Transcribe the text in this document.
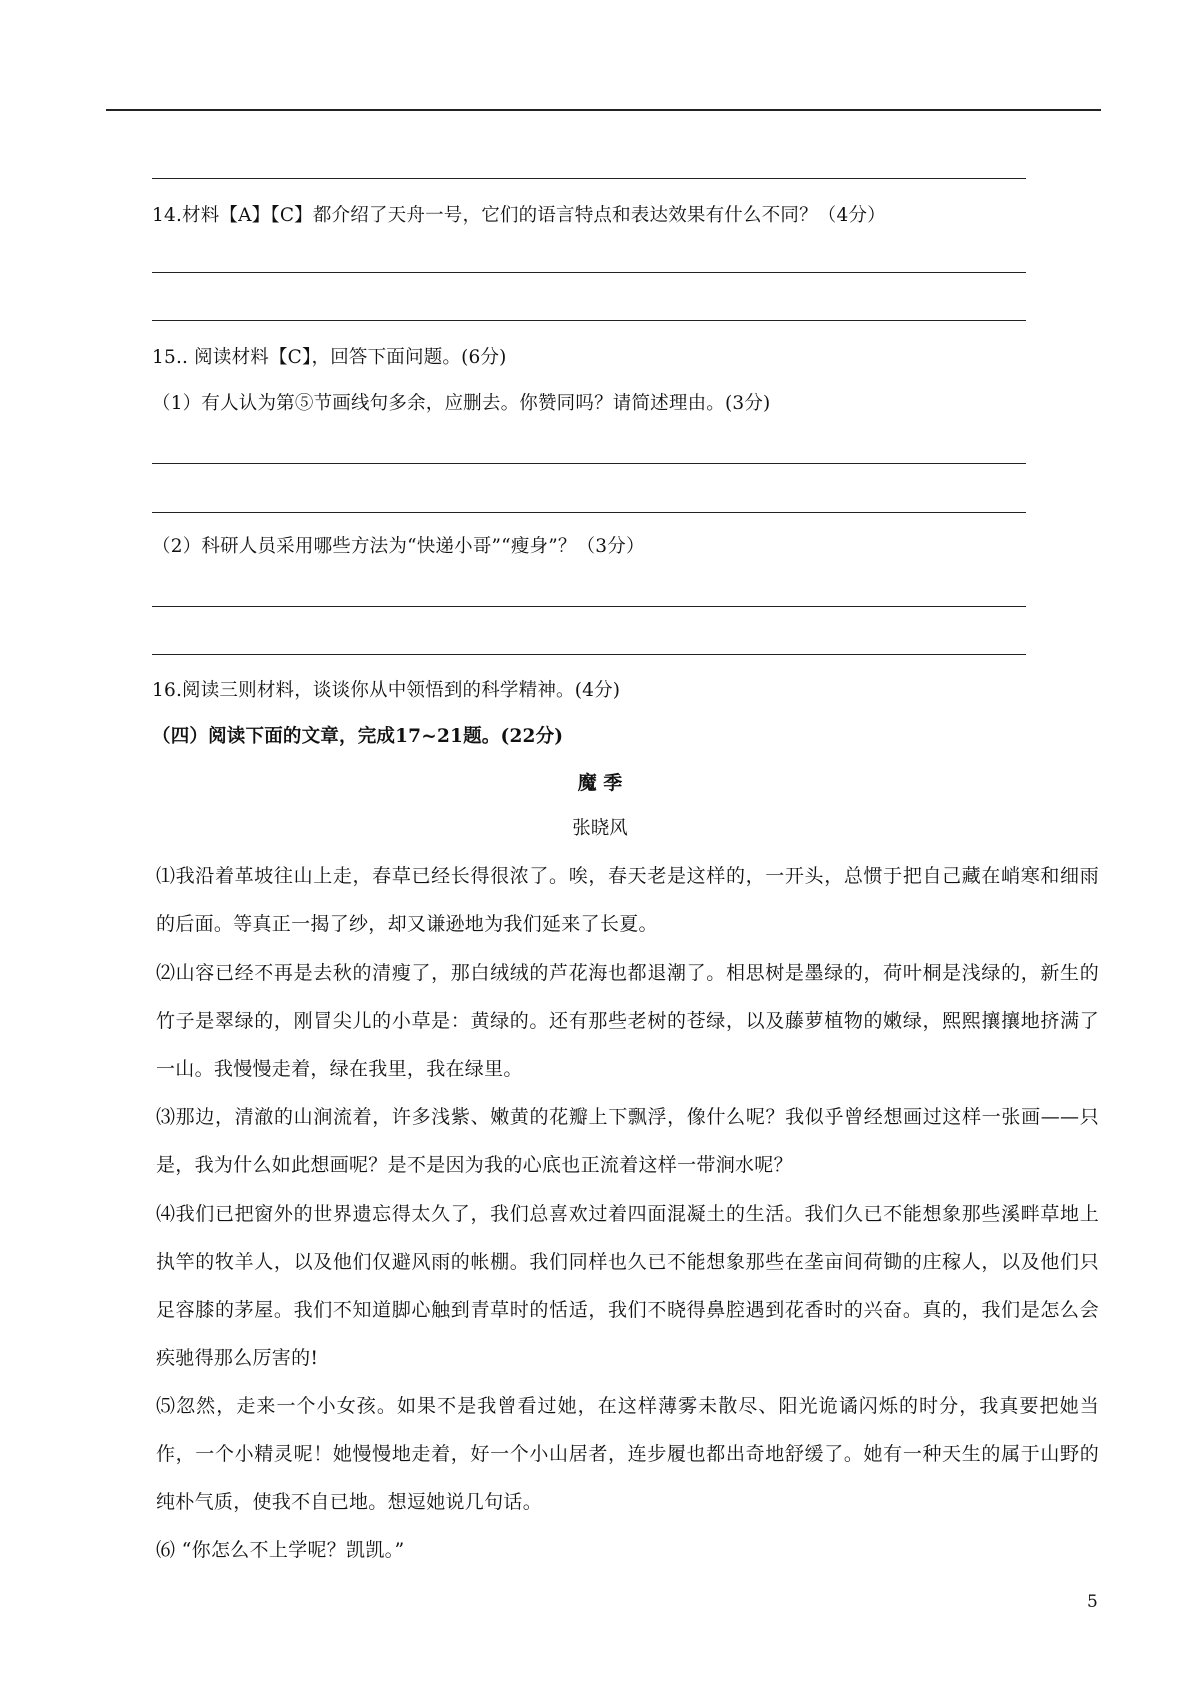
14.材料【A】【C】都介绍了天舟一号，它们的语言特点和表达效果有什么不同？（4分）
15.. 阅读材料【C】，回答下面问题。(6分)
（1）有人认为第⑤节画线句多余，应删去。你赞同吗？请简述理由。(3分)
（2）科研人员采用哪些方法为“快递小哥”“瘦身”？（3分）
16.阅读三则材料，谈谈你从中领悟到的科学精神。(4分)
（四）阅读下面的文章，完成17~21题。(22分)
魔 季
张晓风
⑴我沿着革坡往山上走，春草已经长得很浓了。唉，春天老是这样的，一开头，总惯于把自己藏在峭寒和细雨的后面。等真正一揭了纱，却又谦逊地为我们延来了长夏。
⑵山容已经不再是去秋的清瘦了，那白绒绒的芦花海也都退潮了。相思树是墨绿的，荷叶桐是浅绿的，新生的竹子是翠绿的，刚冒尖儿的小草是：黄绿的。还有那些老树的苍绿，以及藤萝植物的嫩绿，熙熙攘攘地挤满了一山。我慢慢走着，绿在我里，我在绿里。
⑶那边，清澈的山涧流着，许多浅紫、嫩黄的花瓣上下飘浮，像什么呢？我似乎曾经想画过这样一张画——只是，我为什么如此想画呢？是不是因为我的心底也正流着这样一带涧水呢？
⑷我们已把窗外的世界遗忘得太久了，我们总喜欢过着四面混凝土的生活。我们久已不能想象那些溪畔草地上执竿的牧羊人，以及他们仅避风雨的帐棚。我们同样也久已不能想象那些在垄亩间荷锄的庄稼人，以及他们只足容膝的茅屋。我们不知道脚心触到青草时的恬适，我们不晓得鼻腔遇到花香时的兴奋。真的，我们是怎么会疾驰得那么厉害的!
⑸忽然，走来一个小女孩。如果不是我曾看过她，在这样薄雾未散尽、阳光诡谲闪烁的时分，我真要把她当作，一个小精灵呢！她慢慢地走着，好一个小山居者，连步履也都出奇地舒缓了。她有一种天生的属于山野的纯朴气质，使我不自已地。想逗她说几句话。
⑹ “你怎么不上学呢？凯凯。”
5
